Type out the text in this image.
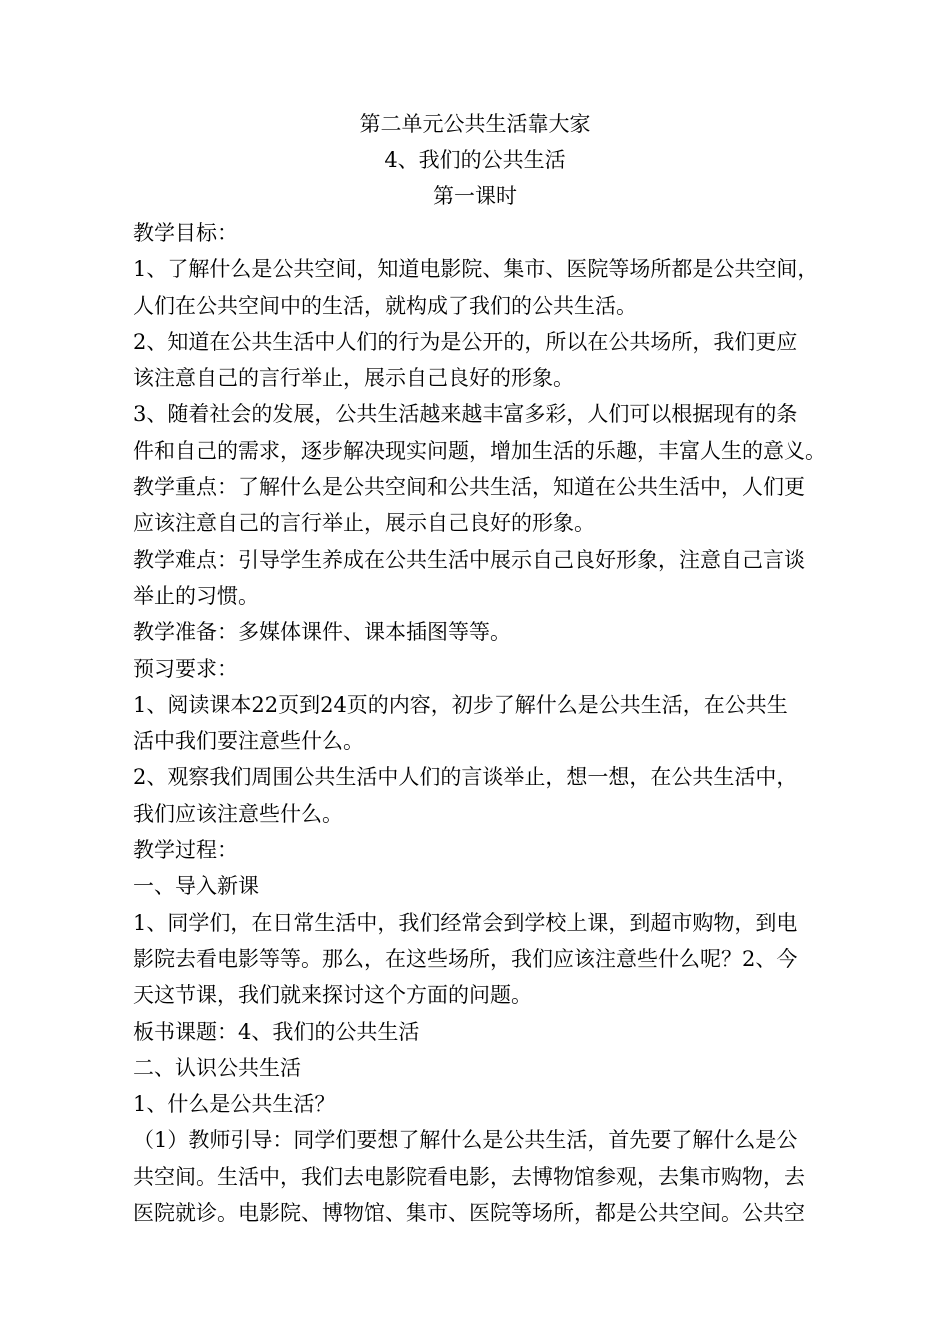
第二单元公共生活靠大家
4、我们的公共生活
第一课时
教学目标：
1、了解什么是公共空间，知道电影院、集市、医院等场所都是公共空间，
人们在公共空间中的生活，就构成了我们的公共生活。
2、知道在公共生活中人们的行为是公开的，所以在公共场所，我们更应
该注意自己的言行举止，展示自己良好的形象。
3、随着社会的发展，公共生活越来越丰富多彩，人们可以根据现有的条
件和自己的需求，逐步解决现实问题，增加生活的乐趣，丰富人生的意义。
教学重点：了解什么是公共空间和公共生活，知道在公共生活中，人们更
应该注意自己的言行举止，展示自己良好的形象。
教学难点：引导学生养成在公共生活中展示自己良好形象，注意自己言谈
举止的习惯。
教学准备：多媒体课件、课本插图等等。
预习要求：
1、阅读课本22页到24页的内容，初步了解什么是公共生活，在公共生
活中我们要注意些什么。
2、观察我们周围公共生活中人们的言谈举止，想一想，在公共生活中，
我们应该注意些什么。
教学过程：
一、导入新课
1、同学们，在日常生活中，我们经常会到学校上课，到超市购物，到电
影院去看电影等等。那么，在这些场所，我们应该注意些什么呢？2、今
天这节课，我们就来探讨这个方面的问题。
板书课题：4、我们的公共生活
二、认识公共生活
1、什么是公共生活？
（1）教师引导：同学们要想了解什么是公共生活，首先要了解什么是公
共空间。生活中，我们去电影院看电影，去博物馆参观，去集市购物，去
医院就诊。电影院、博物馆、集市、医院等场所，都是公共空间。公共空
